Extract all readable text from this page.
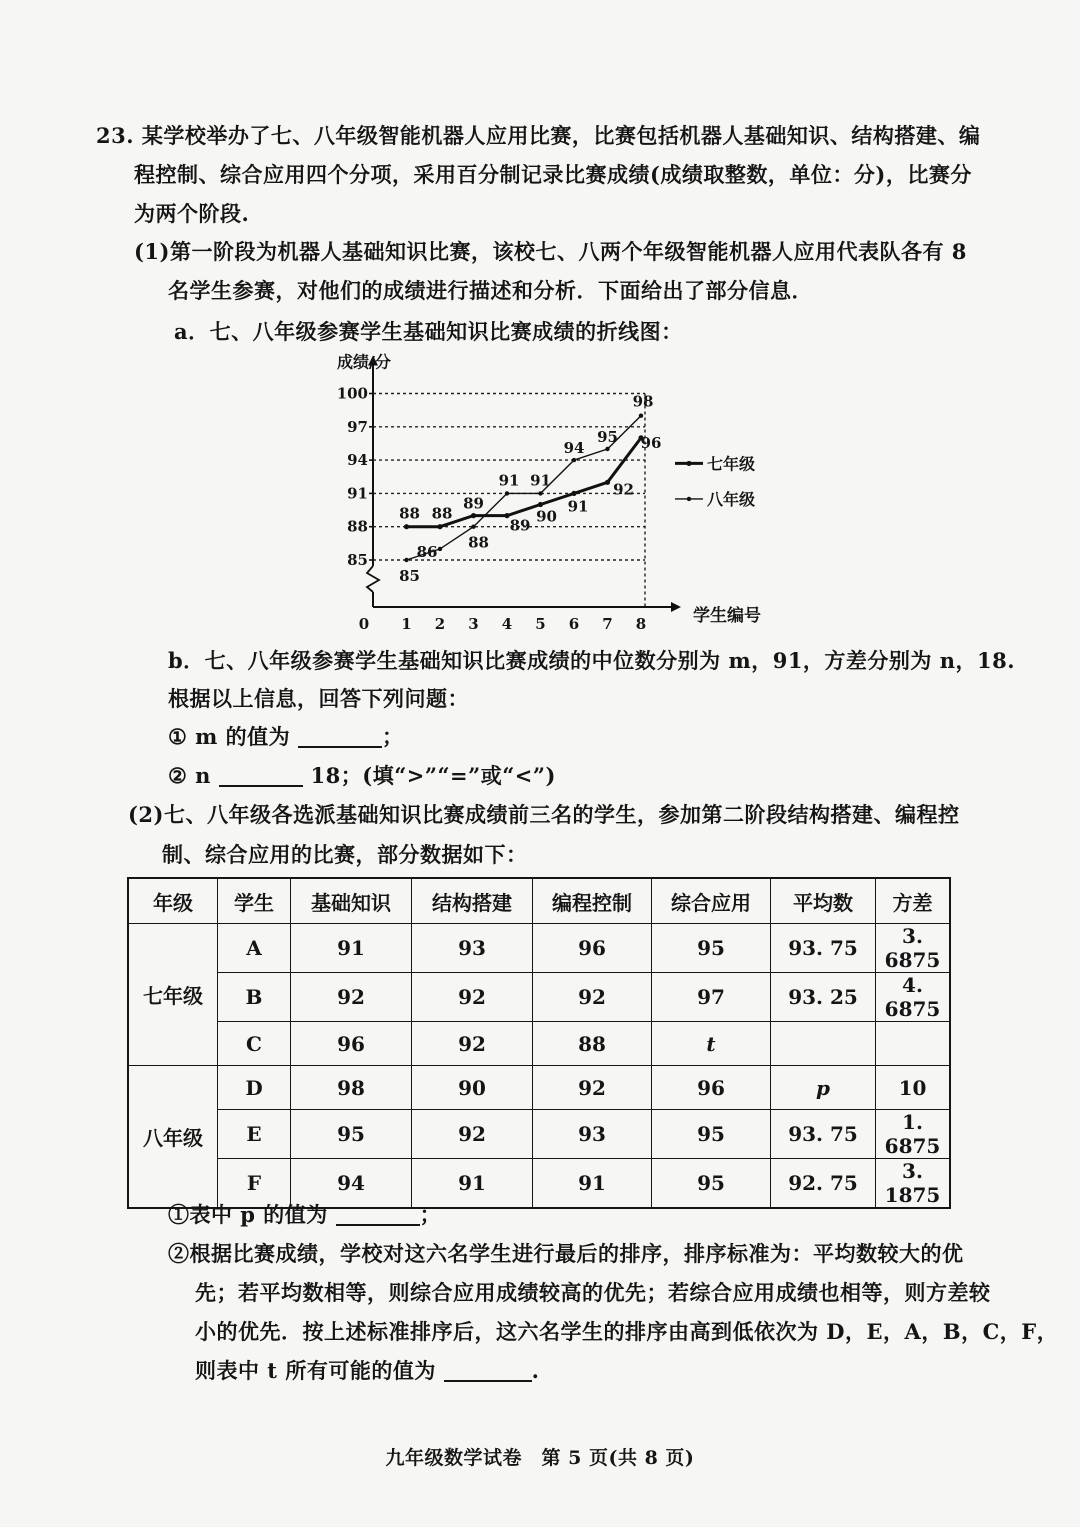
23. 某学校举办了七、八年级智能机器人应用比赛，比赛包括机器人基础知识、结构搭建、编
程控制、综合应用四个分项，采用百分制记录比赛成绩(成绩取整数，单位：分)，比赛分
为两个阶段.
(1)第一阶段为机器人基础知识比赛，该校七、八两个年级智能机器人应用代表队各有 8
名学生参赛，对他们的成绩进行描述和分析．下面给出了部分信息．
a．七、八年级参赛学生基础知识比赛成绩的折线图：
成绩/分
学生编号
85
88
91
94
97
100
0 1 2 3 4 5 6 7 8
88 88
89
89
90
91
92
96
85
86
88
91 91
94
95
98
七年级
八年级
b．七、八年级参赛学生基础知识比赛成绩的中位数分别为 m，91，方差分别为 n，18.
根据以上信息，回答下列问题：
① m 的值为	；
② n	18；(填“>”“=”或“<”)
(2)七、八年级各选派基础知识比赛成绩前三名的学生，参加第二阶段结构搭建、编程控
制、综合应用的比赛，部分数据如下：
年级	学生	基础知识	结构搭建	编程控制	综合应用	平均数	方差
七年级	A	91	93	96	95	93. 75	3. 6875
	B	92	92	92	97	93. 25	4. 6875
	C	96	92	88	t		
八年级	D	98	90	92	96	p	10
	E	95	92	93	95	93. 75	1. 6875
	F	94	91	91	95	92. 75	3. 1875
①表中 p 的值为	；
②根据比赛成绩，学校对这六名学生进行最后的排序，排序标准为：平均数较大的优
先；若平均数相等，则综合应用成绩较高的优先；若综合应用成绩也相等，则方差较
小的优先．按上述标准排序后，这六名学生的排序由高到低依次为 D，E，A，B，C，F，
则表中 t 所有可能的值为	.
九年级数学试卷　第 5 页(共 8 页)
